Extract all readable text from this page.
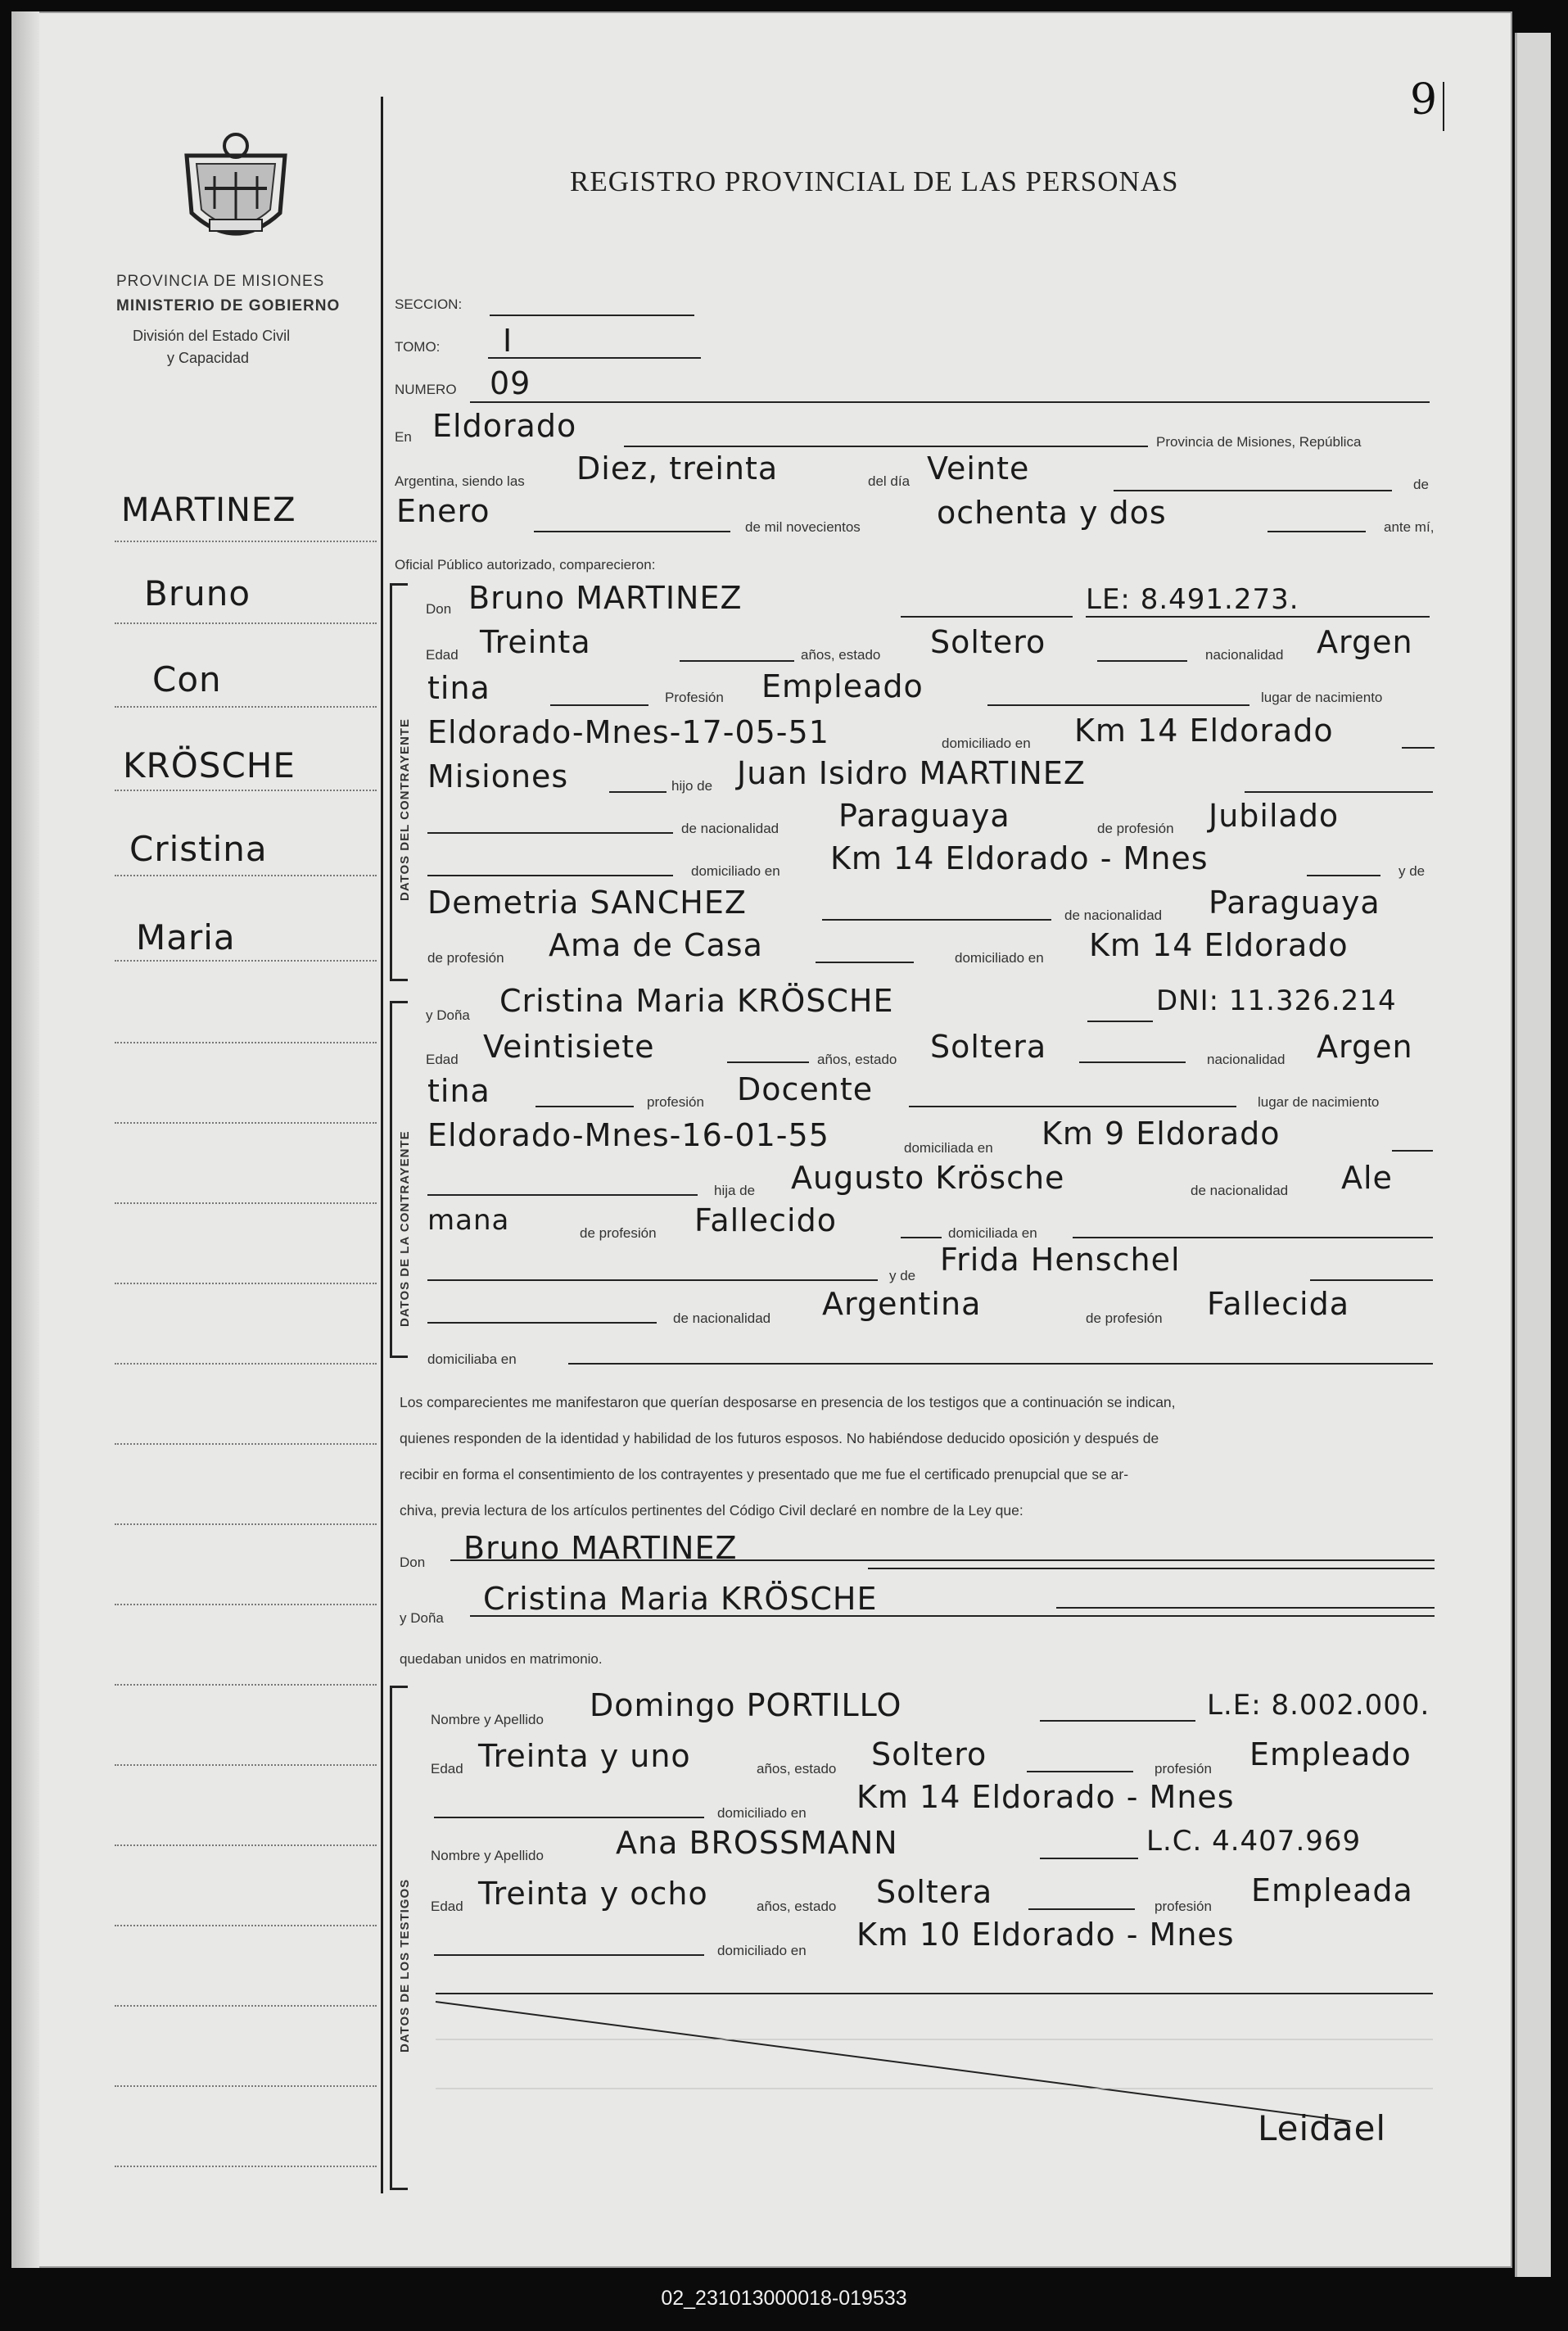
9
PROVINCIA DE MISIONES
MINISTERIO DE GOBIERNO
División del Estado Civil
y Capacidad
REGISTRO PROVINCIAL DE LAS PERSONAS
MARTINEZ
Bruno
Con
KRÖSCHE
Cristina
Maria
SECCION:
TOMO: I
NUMERO 09
En Eldorado	Provincia de Misiones, República
Argentina, siendo las Diez, treinta	del día Veinte	de
Enero	de mil novecientos ochenta y dos	ante mí,
Oficial Público autorizado, comparecieron:
DATOS DEL CONTRAYENTE
Don Bruno MARTINEZ	LE: 8.491.273.
Edad Treinta	años, estado Soltero	nacionalidad Argen
tina	Profesión Empleado	lugar de nacimiento
Eldorado-Mnes-17-05-51	domiciliado en Km 14 Eldorado
Misiones	hijo de Juan Isidro MARTINEZ
de nacionalidad Paraguaya	de profesión Jubilado
domiciliado en Km 14 Eldorado - Mnes	y de
Demetria SANCHEZ	de nacionalidad Paraguaya
de profesión Ama de Casa	domiciliado en Km 14 Eldorado
DATOS DE LA CONTRAYENTE
y Doña Cristina Maria KRÖSCHE	DNI: 11.326.214
Edad Veintisiete	años, estado Soltera	nacionalidad Argen
tina	profesión Docente	lugar de nacimiento
Eldorado-Mnes-16-01-55	domiciliada en Km 9 Eldorado
hija de Augusto Krösche	de nacionalidad Ale
mana	de profesión Fallecido	domiciliada en
y de Frida Henschel
de nacionalidad Argentina	de profesión Fallecida
domiciliaba en
Los comparecientes me manifestaron que querían desposarse en presencia de los testigos que a continuación se indican,
quienes responden de la identidad y habilidad de los futuros esposos. No habiéndose deducido oposición y después de
recibir en forma el consentimiento de los contrayentes y presentado que me fue el certificado prenupcial que se ar-
chiva, previa lectura de los artículos pertinentes del Código Civil declaré en nombre de la Ley que:
Don Bruno MARTINEZ
y Doña
Cristina Maria KRÖSCHE
quedaban unidos en matrimonio.
DATOS DE LOS TESTIGOS
Nombre y Apellido Domingo PORTILLO	L.E: 8.002.000.
Edad Treinta y uno	años, estado Soltero	profesión Empleado
domiciliado en Km 14 Eldorado - Mnes
Nombre y Apellido Ana BROSSMANN	L.C. 4.407.969
Edad Treinta y ocho	años, estado Soltera	profesión Empleada
domiciliado en Km 10 Eldorado - Mnes
Leidael
02_231013000018-019533
